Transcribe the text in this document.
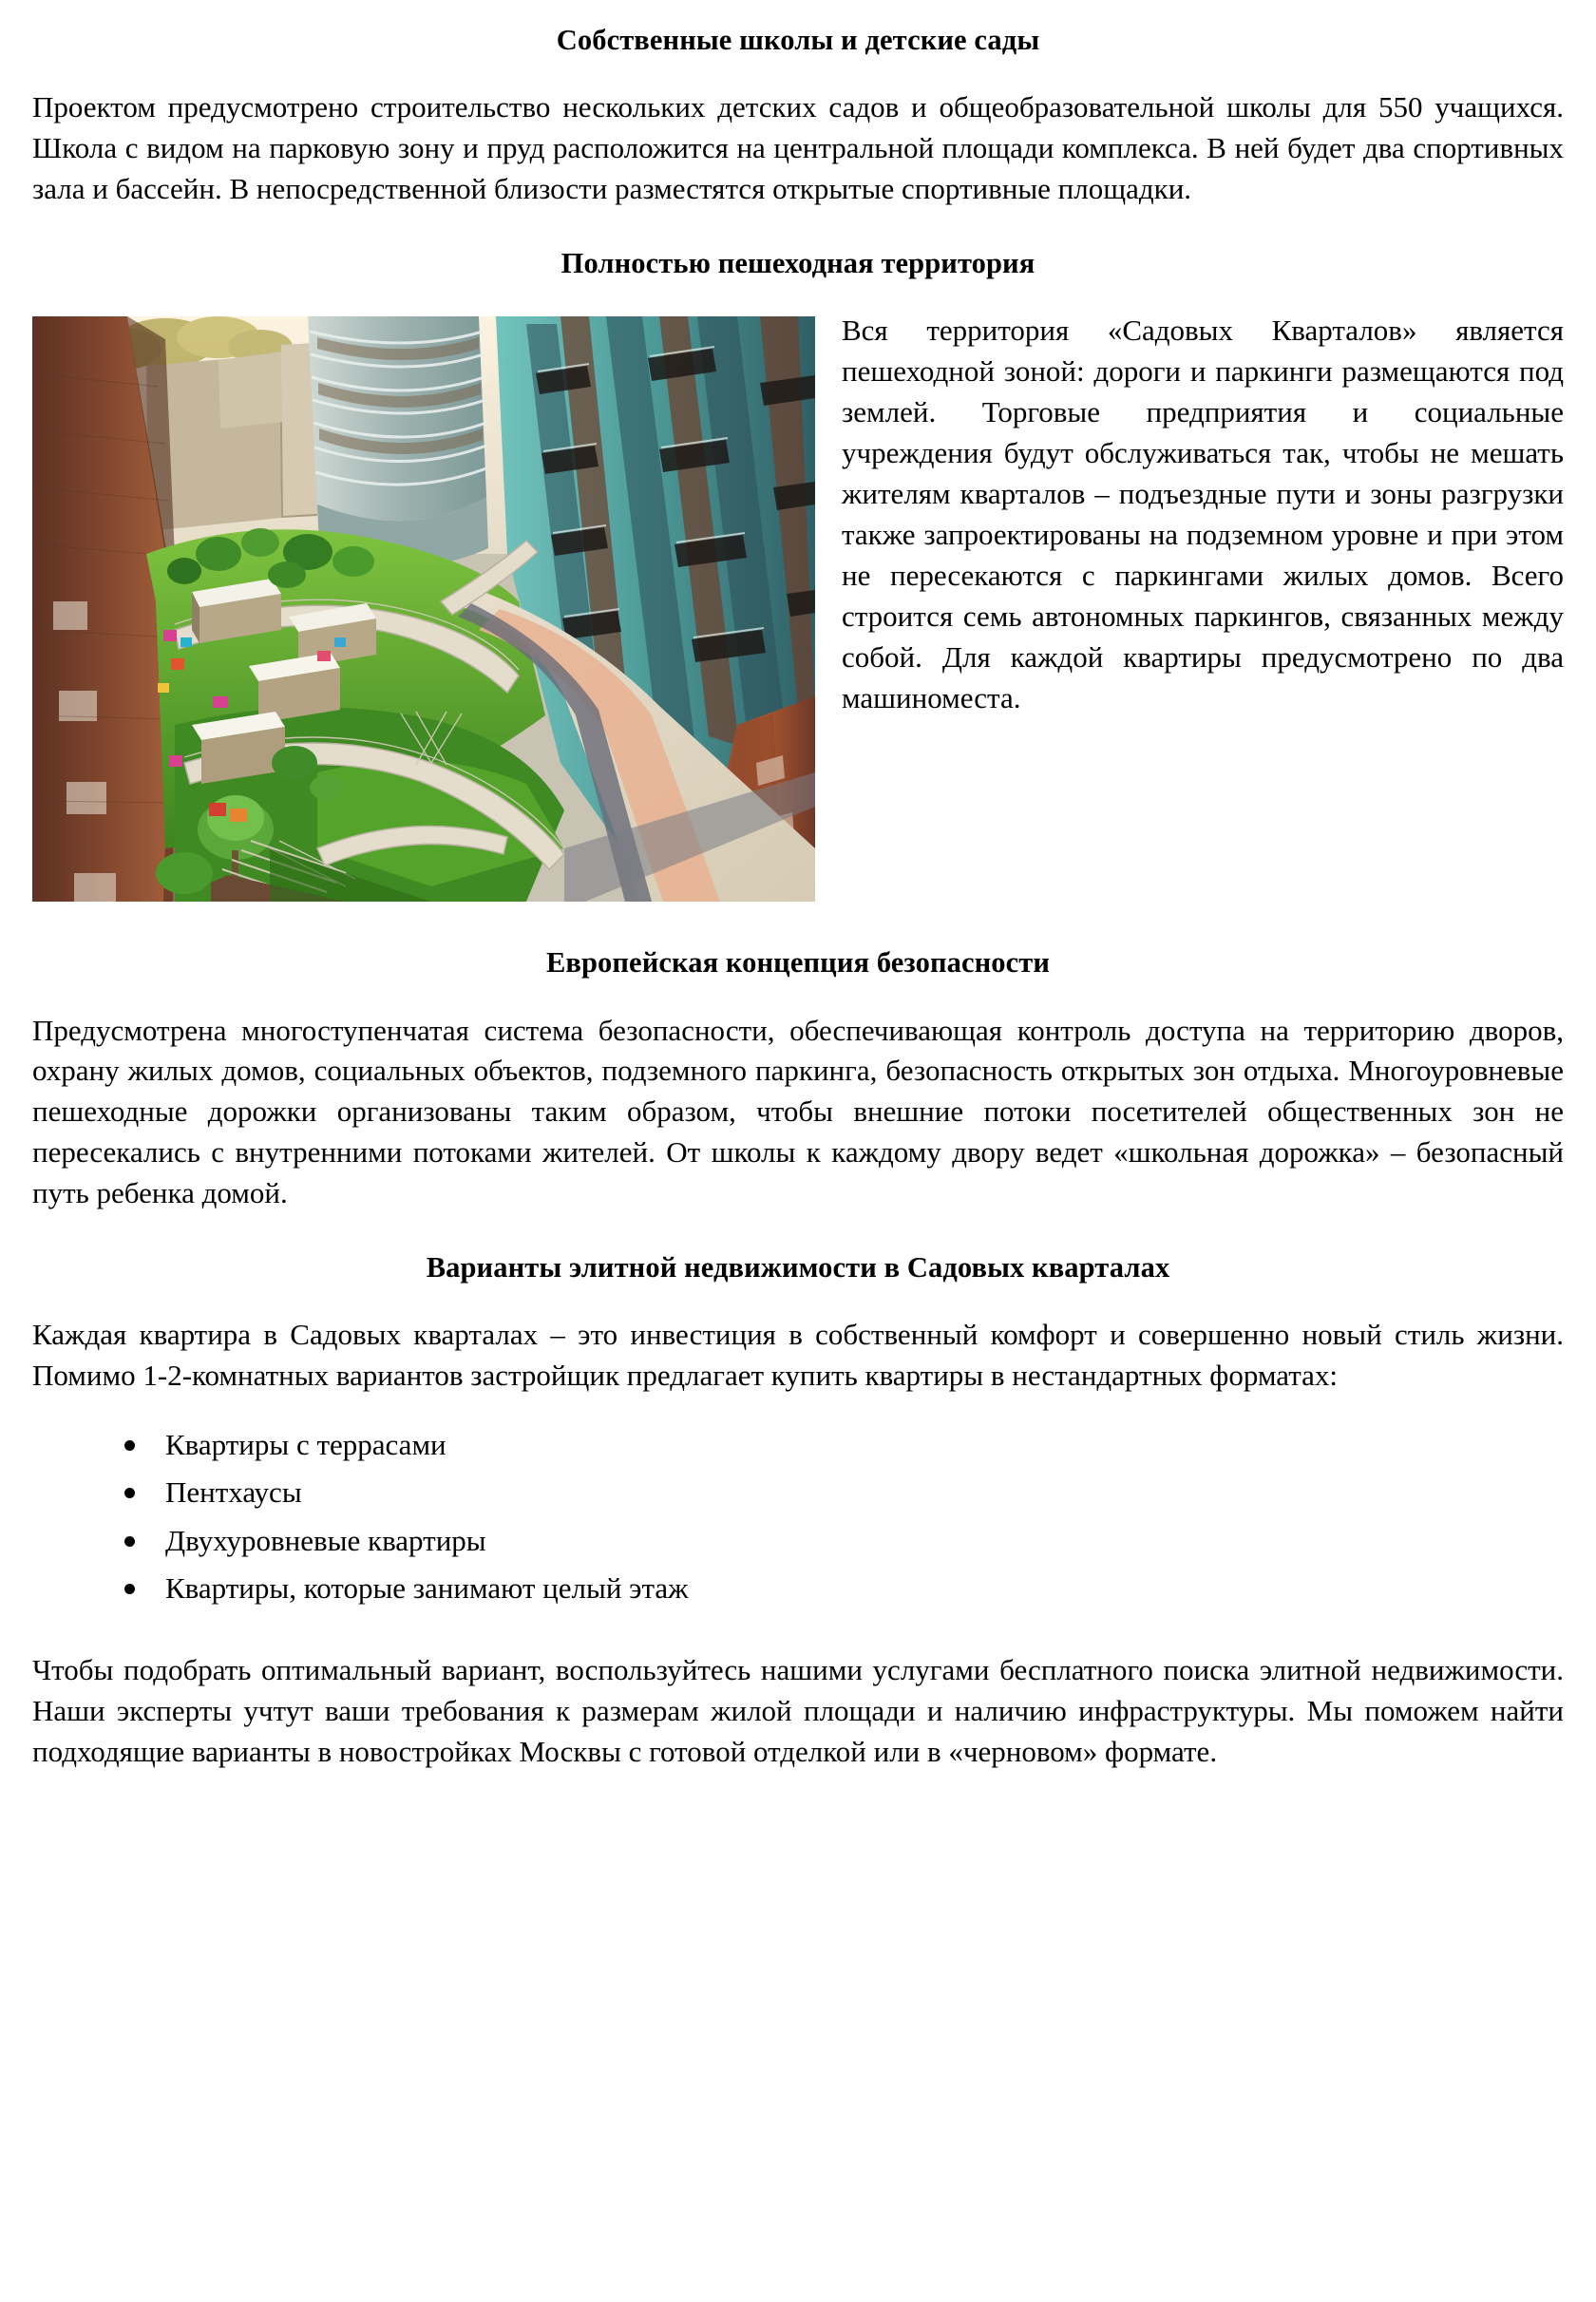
Собственные школы и детские сады

Проектом предусмотрено строительство нескольких детских садов и общеобразовательной школы для 550 учащихся. Школа с видом на парковую зону и пруд расположится на центральной площади комплекса. В ней будет два спортивных зала и бассейн. В непосредственной близости разместятся открытые спортивные площадки.

Полностью пешеходная территория

Вся территория «Садовых Кварталов» является пешеходной зоной: дороги и паркинги размещаются под землей. Торговые предприятия и социальные учреждения будут обслуживаться так, чтобы не мешать жителям кварталов – подъездные пути и зоны разгрузки также запроектированы на подземном уровне и при этом не пересекаются с паркингами жилых домов. Всего строится семь автономных паркингов, связанных между собой. Для каждой квартиры предусмотрено по два машиноместа.

Европейская концепция безопасности

Предусмотрена многоступенчатая система безопасности, обеспечивающая контроль доступа на территорию дворов, охрану жилых домов, социальных объектов, подземного паркинга, безопасность открытых зон отдыха. Многоуровневые пешеходные дорожки организованы таким образом, чтобы внешние потоки посетителей общественных зон не пересекались с внутренними потоками жителей. От школы к каждому двору ведет «школьная дорожка» – безопасный путь ребенка домой.

Варианты элитной недвижимости в Садовых кварталах

Каждая квартира в Садовых кварталах – это инвестиция в собственный комфорт и совершенно новый стиль жизни. Помимо 1-2-комнатных вариантов застройщик предлагает купить квартиры в нестандартных форматах:

Квартиры с террасами
Пентхаусы
Двухуровневые квартиры
Квартиры, которые занимают целый этаж

Чтобы подобрать оптимальный вариант, воспользуйтесь нашими услугами бесплатного поиска элитной недвижимости. Наши эксперты учтут ваши требования к размерам жилой площади и наличию инфраструктуры. Мы поможем найти подходящие варианты в новостройках Москвы с готовой отделкой или в «черновом» формате.
